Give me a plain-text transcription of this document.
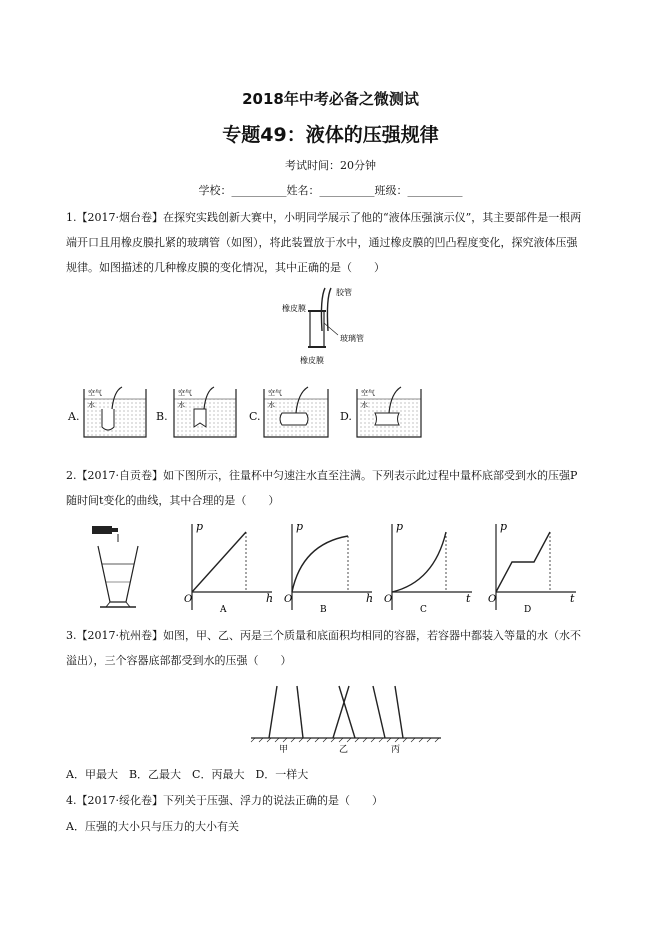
2018年中考必备之微测试
专题49：液体的压强规律
考试时间：20分钟
学校：__________姓名：__________班级：__________
1.【2017·烟台卷】在探究实践创新大赛中，小明同学展示了他的“液体压强演示仪”，其主要部件是一根两
端开口且用橡皮膜扎紧的玻璃管（如图），将此装置放于水中，通过橡皮膜的凹凸程度变化，探究液体压强
规律。如图描述的几种橡皮膜的变化情况，其中正确的是（　　）
胶管
橡皮膜
玻璃管
橡皮膜
A.
空气
水
B.
空气
水
C.
空气
水
D.
空气
水
2.【2017·自贡卷】如下图所示，往量杯中匀速注水直至注满。下列表示此过程中量杯底部受到水的压强P
随时间t变化的曲线，其中合理的是（　　）
p
O	h
A
p
O	h
B
p
O	t
C
p
O	t
D
3.【2017·杭州卷】如图，甲、乙、丙是三个质量和底面积均相同的容器，若容器中都装入等量的水（水不
溢出），三个容器底部都受到水的压强（　　）
甲	乙	丙
A．甲最大　B．乙最大　C．丙最大　D．一样大
4.【2017·绥化卷】下列关于压强、浮力的说法正确的是（　　）
A．压强的大小只与压力的大小有关
